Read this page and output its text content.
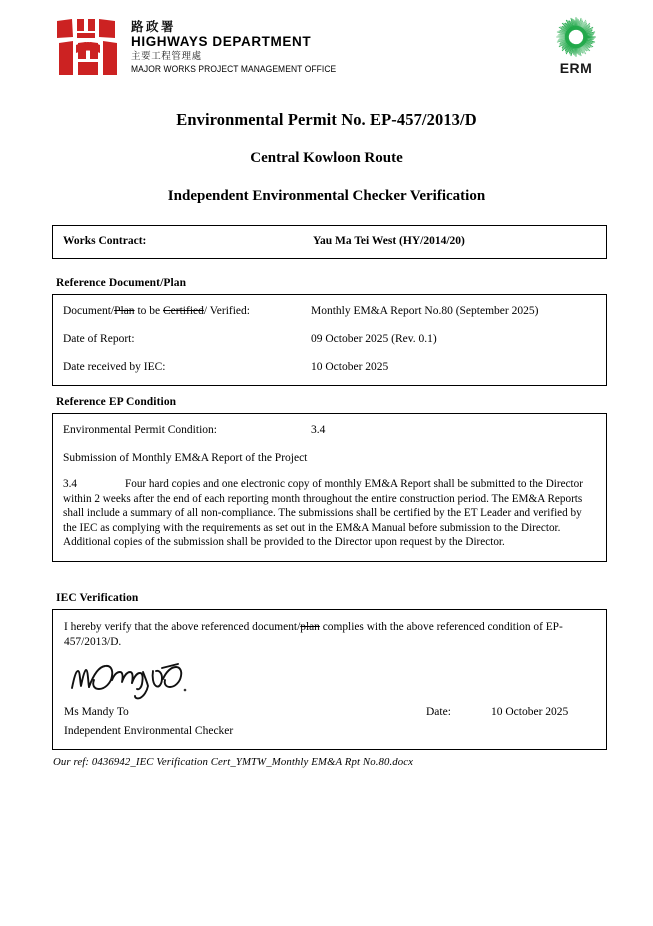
路政署
HIGHWAYS DEPARTMENT
主要工程管理處
MAJOR WORKS PROJECT MANAGEMENT OFFICE	ERM
Environmental Permit No. EP-457/2013/D
Central Kowloon Route
Independent Environmental Checker Verification
Works Contract:	Yau Ma Tei West (HY/2014/20)
Reference Document/Plan
Document/Plan to be Certified/ Verified:	Monthly EM&A Report No.80 (September 2025)
Date of Report:	09 October 2025 (Rev. 0.1)
Date received by IEC:	10 October 2025
Reference EP Condition
Environmental Permit Condition:	3.4
Submission of Monthly EM&A Report of the Project
3.4	Four hard copies and one electronic copy of monthly EM&A Report shall be submitted to the Director within 2 weeks after the end of each reporting month throughout the entire construction period. The EM&A Reports shall include a summary of all non-compliance. The submissions shall be certified by the ET Leader and verified by the IEC as complying with the requirements as set out in the EM&A Manual before submission to the Director. Additional copies of the submission shall be provided to the Director upon request by the Director.
IEC Verification
I hereby verify that the above referenced document/plan complies with the above referenced condition of EP-457/2013/D.
Ms Mandy To	Date:	10 October 2025
Independent Environmental Checker
Our ref: 0436942_IEC Verification Cert_YMTW_Monthly EM&A Rpt No.80.docx
